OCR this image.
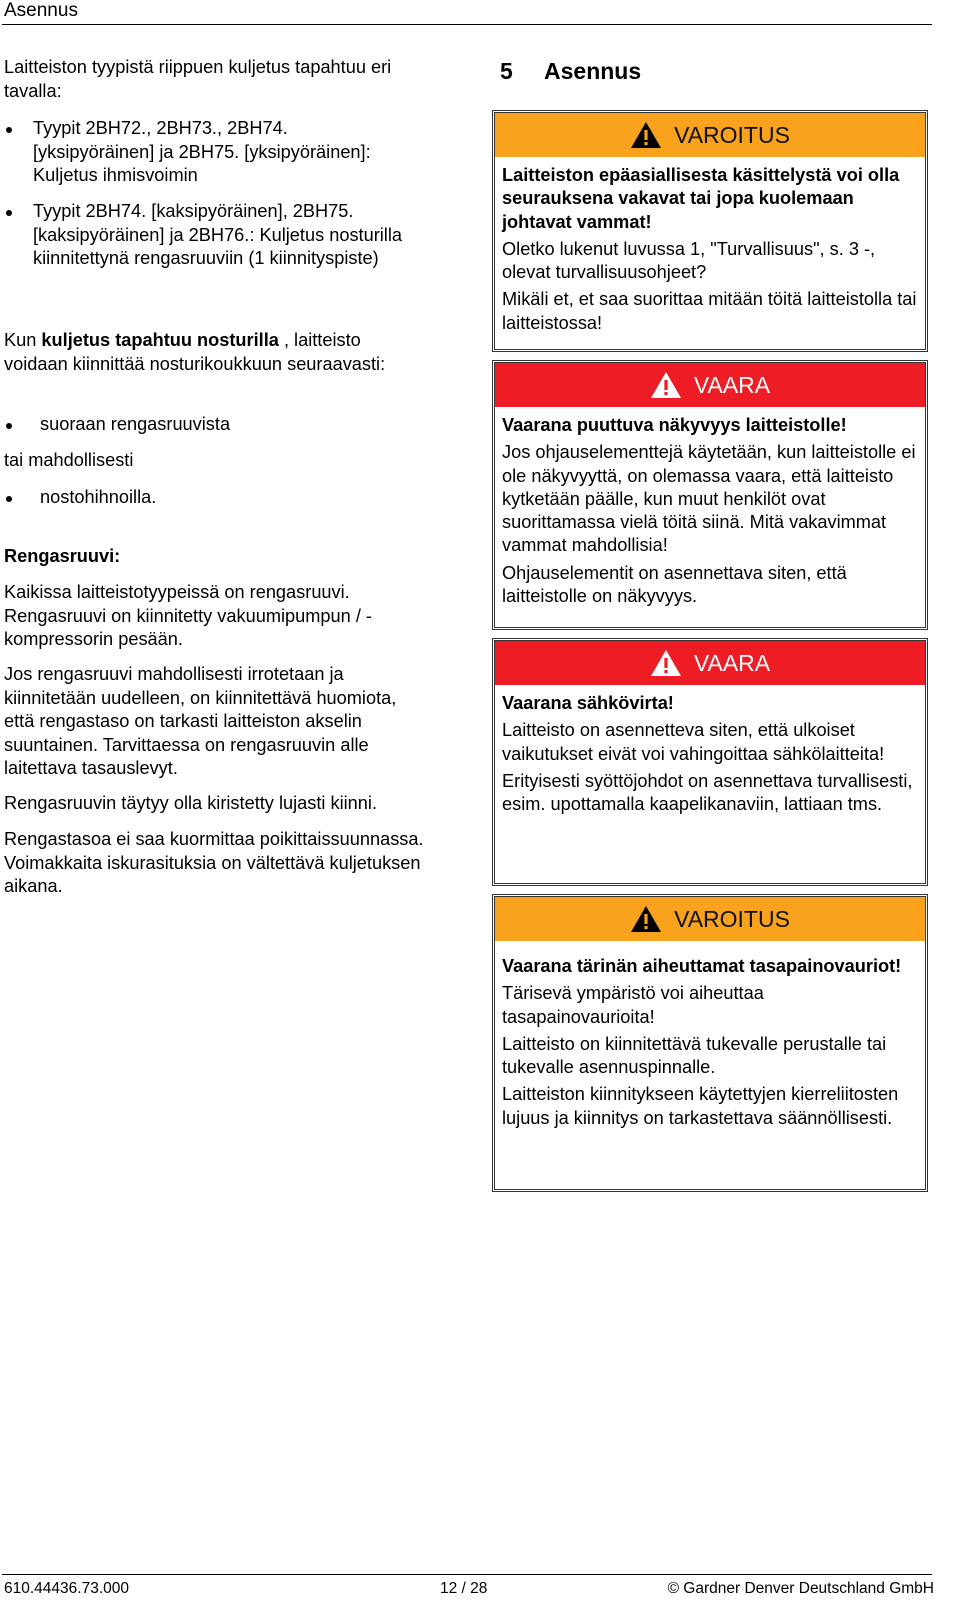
Asennus
Laitteiston tyypistä riippuen kuljetus tapahtuu eri tavalla:
Tyypit 2BH72., 2BH73., 2BH74. [yksipyöräinen] ja 2BH75. [yksipyöräinen]: Kuljetus ihmisvoimin
Tyypit 2BH74. [kaksipyöräinen], 2BH75. [kaksipyöräinen] ja 2BH76.: Kuljetus nosturilla kiinnitettynä rengasruuviin (1 kiinnityspiste)
Kun kuljetus tapahtuu nosturilla , laitteisto voidaan kiinnittää nosturikoukkuun seuraavasti:
suoraan rengasruuvista
tai mahdollisesti
nostohihnoilla.
Rengasruuvi:
Kaikissa laitteistotyypeissä on rengasruuvi. Rengasruuvi on kiinnitetty vakuumipumpun / -kompressorin pesään.
Jos rengasruuvi mahdollisesti irrotetaan ja kiinnitetään uudelleen, on kiinnitettävä huomiota, että rengastaso on tarkasti laitteiston akselin suuntainen. Tarvittaessa on rengasruuvin alle laitettava tasauslevyt.
Rengasruuvin täytyy olla kiristetty lujasti kiinni.
Rengastasoa ei saa kuormittaa poikittaissuunnassa. Voimakkaita iskurasituksia on vältettävä kuljetuksen aikana.
5 Asennus
VAROITUS

Laitteiston epäasiallisesta käsittelystä voi olla seurauksena vakavat tai jopa kuolemaan johtavat vammat!

Oletko lukenut luvussa 1, "Turvallisuus", s. 3 -, olevat turvallisuusohjeet?

Mikäli et, et saa suorittaa mitään töitä laitteistolla tai laitteistossa!

VAARA

Vaarana puuttuva näkyvyys laitteistolle!

Jos ohjauselementtejä käytetään, kun laitteistolle ei ole näkyvyyttä, on olemassa vaara, että laitteisto kytketään päälle, kun muut henkilöt ovat suorittamassa vielä töitä siinä. Mitä vakavimmat vammat mahdollisia!

Ohjauselementit on asennettava siten, että laitteistolle on näkyvyys.

VAARA

Vaarana sähkövirta!

Laitteisto on asennetteva siten, että ulkoiset vaikutukset eivät voi vahingoittaa sähkölaitteita!

Erityisesti syöttöjohdot on asennettava turvallisesti, esim. upottamalla kaapelikanaviin, lattiaan tms.

VAROITUS

Vaarana tärinän aiheuttamat tasapainovauriot!

Tärisevä ympäristö voi aiheuttaa tasapainovaurioita!

Laitteisto on kiinnitettävä tukevalle perustalle tai tukevalle asennuspinnalle.

Laitteiston kiinnitykseen käytettyjen kierreliitosten lujuus ja kiinnitys on tarkastettava säännöllisesti.

610.44436.73.000	12 / 28	© Gardner Denver Deutschland GmbH
